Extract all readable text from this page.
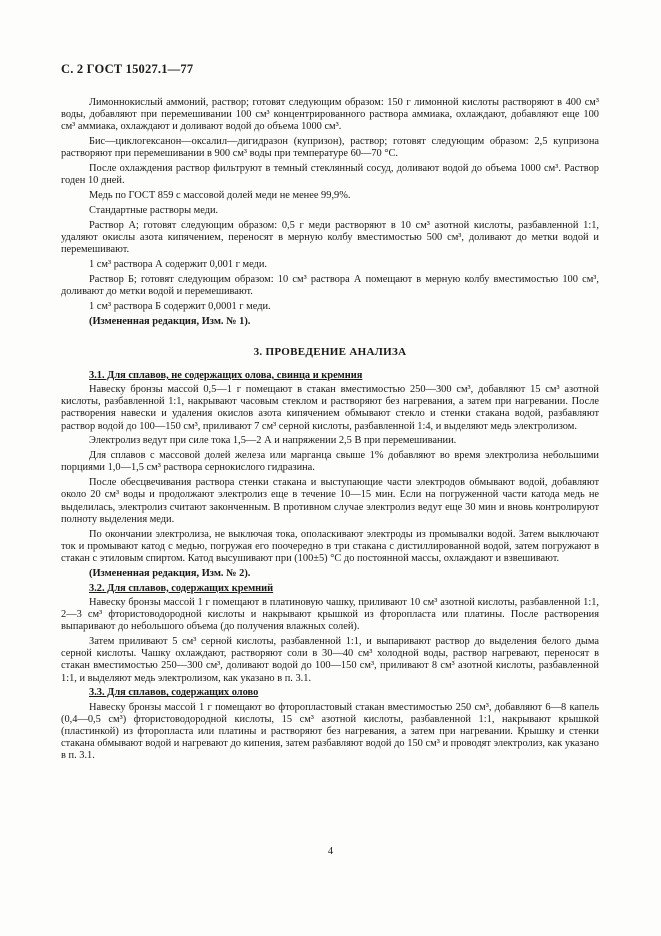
С. 2 ГОСТ 15027.1—77

Лимоннокислый аммоний, раствор; готовят следующим образом: 150 г лимонной кислоты растворяют в 400 см³ воды, добавляют при перемешивании 100 см³ концентрированного раствора аммиака, охлаждают, добавляют еще 100 см³ аммиака, охлаждают и доливают водой до объема 1000 см³.

Бис—циклогексанон—оксалил—дигидразон (купризон), раствор; готовят следующим образом: 2,5 купризона растворяют при перемешивании в 900 см³ воды при температуре 60—70 °С.

После охлаждения раствор фильтруют в темный стеклянный сосуд, доливают водой до объема 1000 см³. Раствор годен 10 дней.

Медь по ГОСТ 859 с массовой долей меди не менее 99,9%.

Стандартные растворы меди.

Раствор А; готовят следующим образом: 0,5 г меди растворяют в 10 см³ азотной кислоты, разбавленной 1:1, удаляют окислы азота кипячением, переносят в мерную колбу вместимостью 500 см³, доливают до метки водой и перемешивают.

1 см³ раствора А содержит 0,001 г меди.

Раствор Б; готовят следующим образом: 10 см³ раствора А помещают в мерную колбу вместимостью 100 см³, доливают до метки водой и перемешивают.

1 см³ раствора Б содержит 0,0001 г меди.

(Измененная редакция, Изм. № 1).

3. ПРОВЕДЕНИЕ АНАЛИЗА
3.1. Для сплавов, не содержащих олова, свинца и кремния

Навеску бронзы массой 0,5—1 г помещают в стакан вместимостью 250—300 см³, добавляют 15 см³ азотной кислоты, разбавленной 1:1, накрывают часовым стеклом и растворяют без нагревания, а затем при нагревании. После растворения навески и удаления окислов азота кипячением обмывают стекло и стенки стакана водой, разбавляют раствор водой до 100—150 см³, приливают 7 см³ серной кислоты, разбавленной 1:4, и выделяют медь электролизом.

Электролиз ведут при силе тока 1,5—2 А и напряжении 2,5 В при перемешивании.

Для сплавов с массовой долей железа или марганца свыше 1% добавляют во время электролиза небольшими порциями 1,0—1,5 см³ раствора сернокислого гидразина.

После обесцвечивания раствора стенки стакана и выступающие части электродов обмывают водой, добавляют около 20 см³ воды и продолжают электролиз еще в течение 10—15 мин. Если на погруженной части катода медь не выделилась, электролиз считают законченным. В противном случае электролиз ведут еще 30 мин и вновь контролируют полноту выделения меди.

По окончании электролиза, не выключая тока, ополаскивают электроды из промывалки водой. Затем выключают ток и промывают катод с медью, погружая его поочередно в три стакана с дистиллированной водой, затем погружают в стакан с этиловым спиртом. Катод высушивают при (100±5) °С до постоянной массы, охлаждают и взвешивают.

(Измененная редакция, Изм. № 2).

3.2. Для сплавов, содержащих кремний

Навеску бронзы массой 1 г помещают в платиновую чашку, приливают 10 см³ азотной кислоты, разбавленной 1:1, 2—3 см³ фтористоводородной кислоты и накрывают крышкой из фторопласта или платины. После растворения выпаривают до небольшого объема (до получения влажных солей).

Затем приливают 5 см³ серной кислоты, разбавленной 1:1, и выпаривают раствор до выделения белого дыма серной кислоты. Чашку охлаждают, растворяют соли в 30—40 см³ холодной воды, раствор нагревают, переносят в стакан вместимостью 250—300 см³, доливают водой до 100—150 см³, приливают 8 см³ азотной кислоты, разбавленной 1:1, и выделяют медь электролизом, как указано в п. 3.1.

3.3. Для сплавов, содержащих олово

Навеску бронзы массой 1 г помещают во фторопластовый стакан вместимостью 250 см³, добавляют 6—8 капель (0,4—0,5 см³) фтористоводородной кислоты, 15 см³ азотной кислоты, разбавленной 1:1, накрывают крышкой (пластинкой) из фторопласта или платины и растворяют без нагревания, а затем при нагревании. Крышку и стенки стакана обмывают водой и нагревают до кипения, затем разбавляют водой до 150 см³ и проводят электролиз, как указано в п. 3.1.

4
